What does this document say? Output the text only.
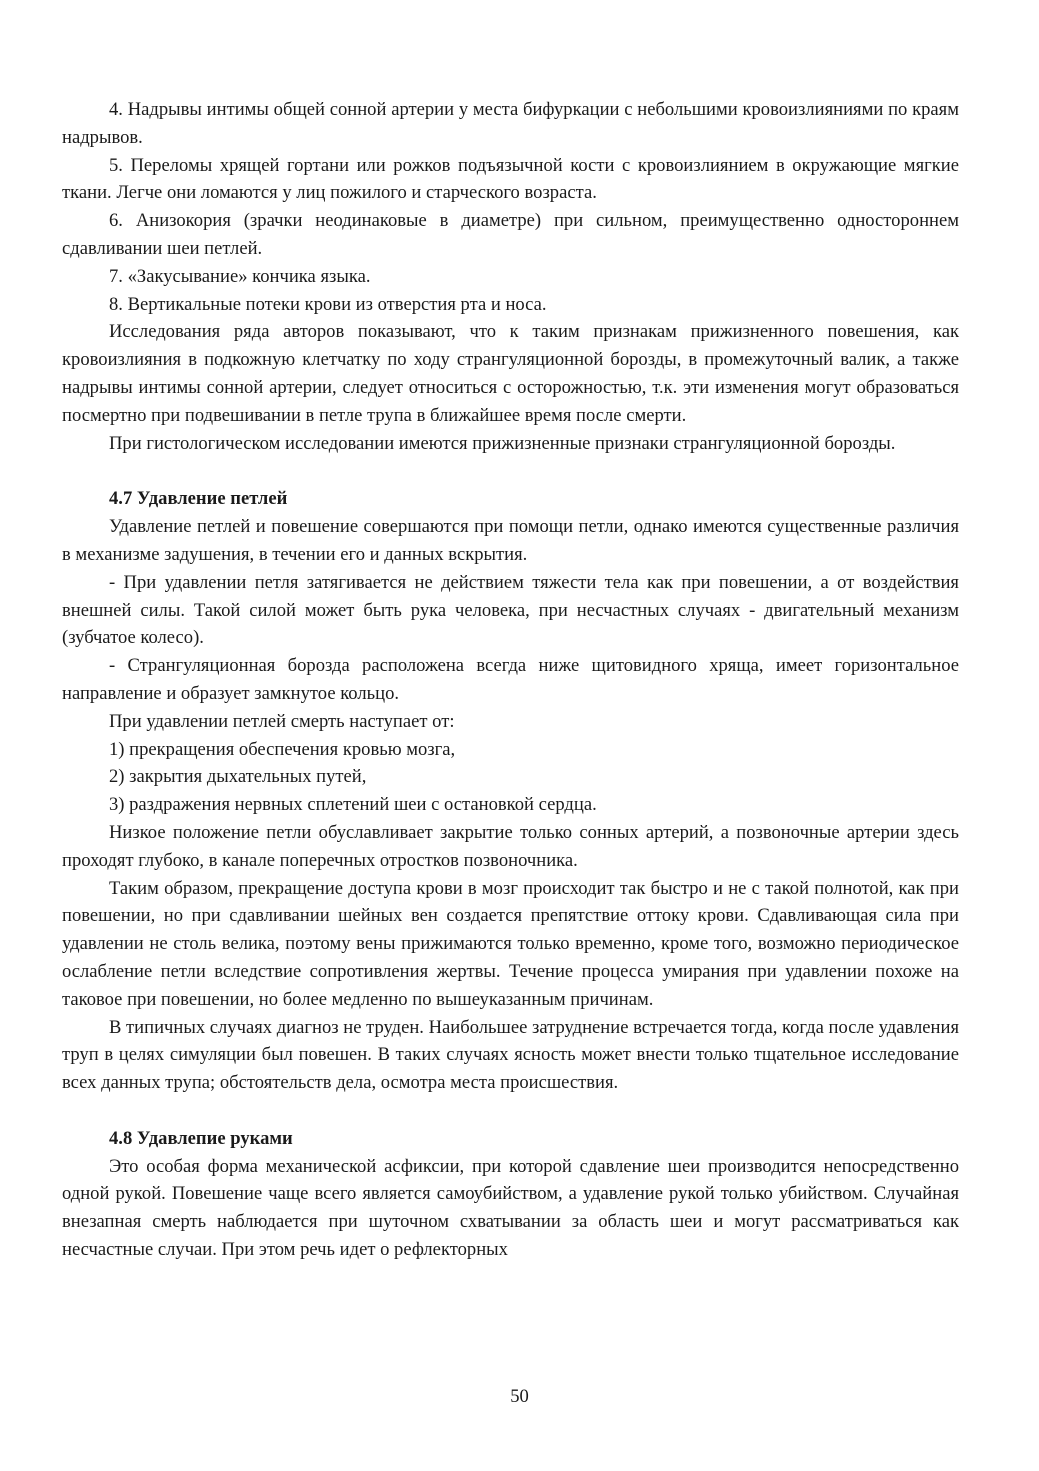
4. Надрывы интимы общей сонной артерии у места бифуркации с небольшими кровоизлияниями по краям надрывов.

5. Переломы хрящей гортани или рожков подъязычной кости с кровоизлиянием в окружающие мягкие ткани. Легче они ломаются у лиц пожилого и старческого возраста.

6. Анизокория (зрачки неодинаковые в диаметре) при сильном, преимущественно одностороннем сдавливании шеи петлей.

7. «Закусывание» кончика языка.

8. Вертикальные потеки крови из отверстия рта и носа.

Исследования ряда авторов показывают, что к таким признакам прижизненного повешения, как кровоизлияния в подкожную клетчатку по ходу странгуляционной борозды, в промежуточный валик, а также надрывы интимы сонной артерии, следует относиться с осторожностью, т.к. эти изменения могут образоваться посмертно при подвешивании в петле трупа в ближайшее время после смерти.

При гистологическом исследовании имеются прижизненные признаки странгуляционной борозды.

4.7 Удавление петлей

Удавление петлей и повешение совершаются при помощи петли, однако имеются существенные различия в механизме задушения, в течении его и данных вскрытия.

- При удавлении петля затягивается не действием тяжести тела как при повешении, а от воздействия внешней силы. Такой силой может быть рука человека, при несчастных случаях - двигательный механизм (зубчатое колесо).

- Странгуляционная борозда расположена всегда ниже щитовидного хряща, имеет горизонтальное направление и образует замкнутое кольцо.

При удавлении петлей смерть наступает от:

1) прекращения обеспечения кровью мозга,

2) закрытия дыхательных путей,

3) раздражения нервных сплетений шеи с остановкой сердца.

Низкое положение петли обуславливает закрытие только сонных артерий, а позвоночные артерии здесь проходят глубоко, в канале поперечных отростков позвоночника.

Таким образом, прекращение доступа крови в мозг происходит так быстро и не с такой полнотой, как при повешении, но при сдавливании шейных вен создается препятствие оттоку крови. Сдавливающая сила при удавлении не столь велика, поэтому вены прижимаются только временно, кроме того, возможно периодическое ослабление петли вследствие сопротивления жертвы. Течение процесса умирания при удавлении похоже на таковое при повешении, но более медленно по вышеуказанным причинам.

В типичных случаях диагноз не труден. Наибольшее затруднение встречается тогда, когда после удавления труп в целях симуляции был повешен. В таких случаях ясность может внести только тщательное исследование всех данных трупа; обстоятельств дела, осмотра места происшествия.

4.8 Удавлепие руками

Это особая форма механической асфиксии, при которой сдавление шеи производится непосредственно одной рукой. Повешение чаще всего является самоубийством, а удавление рукой только убийством. Случайная внезапная смерть наблюдается при шуточном схватывании за область шеи и могут рассматриваться как несчастные случаи. При этом речь идет о рефлекторных

50
